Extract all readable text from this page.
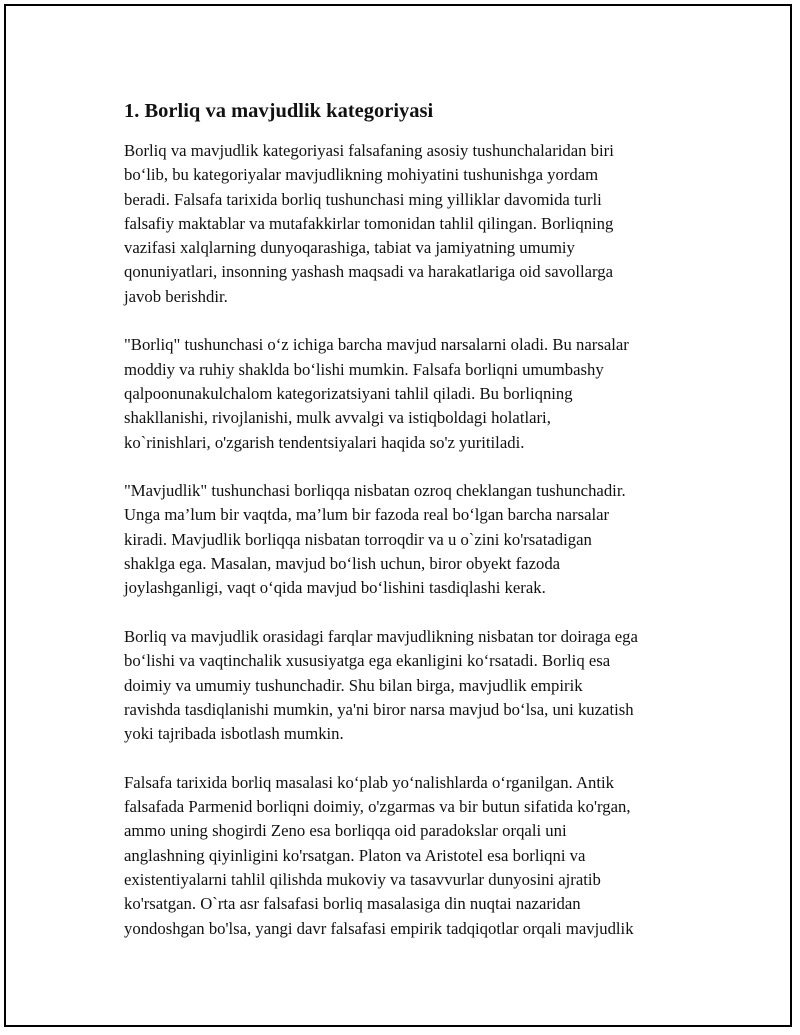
1. Borliq va mavjudlik kategoriyasi

Borliq va mavjudlik kategoriyasi falsafaning asosiy tushunchalaridan biri
bo‘lib, bu kategoriyalar mavjudlikning mohiyatini tushunishga yordam
beradi. Falsafa tarixida borliq tushunchasi ming yilliklar davomida turli
falsafiy maktablar va mutafakkirlar tomonidan tahlil qilingan. Borliqning
vazifasi xalqlarning dunyoqarashiga, tabiat va jamiyatning umumiy
qonuniyatlari, insonning yashash maqsadi va harakatlariga oid savollarga
javob berishdir.

"Borliq" tushunchasi o‘z ichiga barcha mavjud narsalarni oladi. Bu narsalar
moddiy va ruhiy shaklda bo‘lishi mumkin. Falsafa borliqni umumbashy
qalpoonunakulchalom kategorizatsiyani tahlil qiladi. Bu borliqning
shakllanishi, rivojlanishi, mulk avvalgi va istiqboldagi holatlari,
ko`rinishlari, o'zgarish tendentsiyalari haqida so'z yuritiladi.

"Mavjudlik" tushunchasi borliqqa nisbatan ozroq cheklangan tushunchadir.
Unga ma’lum bir vaqtda, ma’lum bir fazoda real bo‘lgan barcha narsalar
kiradi. Mavjudlik borliqqa nisbatan torroqdir va u o`zini ko'rsatadigan
shaklga ega. Masalan, mavjud bo‘lish uchun, biror obyekt fazoda
joylashganligi, vaqt o‘qida mavjud bo‘lishini tasdiqlashi kerak.

Borliq va mavjudlik orasidagi farqlar mavjudlikning nisbatan tor doiraga ega
bo‘lishi va vaqtinchalik xususiyatga ega ekanligini ko‘rsatadi. Borliq esa
doimiy va umumiy tushunchadir. Shu bilan birga, mavjudlik empirik
ravishda tasdiqlanishi mumkin, ya'ni biror narsa mavjud bo‘lsa, uni kuzatish
yoki tajribada isbotlash mumkin.

Falsafa tarixida borliq masalasi ko‘plab yo‘nalishlarda o‘rganilgan. Antik
falsafada Parmenid borliqni doimiy, o'zgarmas va bir butun sifatida ko'rgan,
ammo uning shogirdi Zeno esa borliqqa oid paradokslar orqali uni
anglashning qiyinligini ko'rsatgan. Platon va Aristotel esa borliqni va
existentiyalarni tahlil qilishda mukoviy va tasavvurlar dunyosini ajratib
ko'rsatgan. O`rta asr falsafasi borliq masalasiga din nuqtai nazaridan
yondoshgan bo'lsa, yangi davr falsafasi empirik tadqiqotlar orqali mavjudlik
